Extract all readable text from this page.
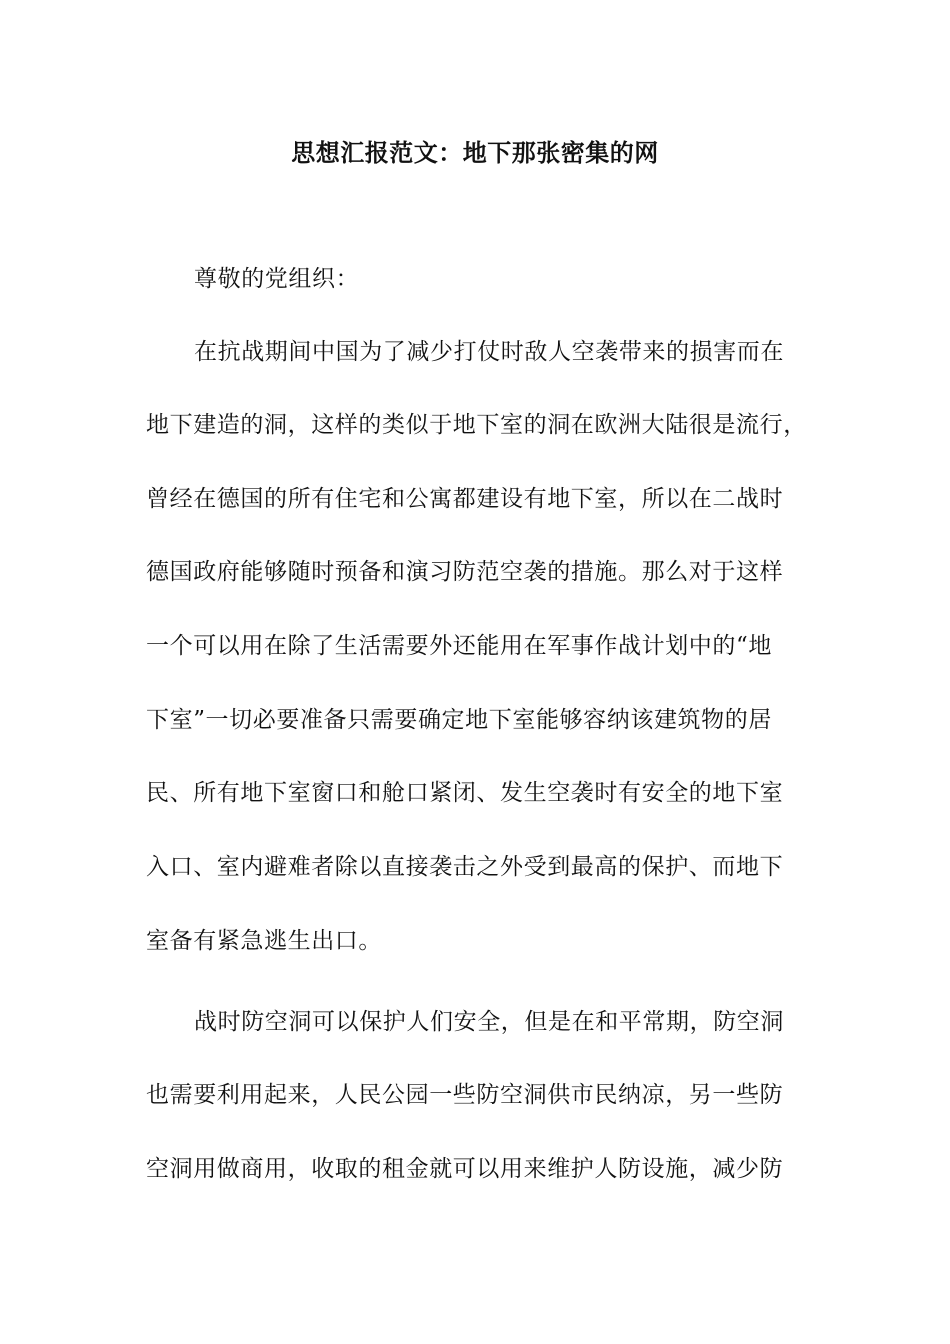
思想汇报范文：地下那张密集的网
尊敬的党组织：
在抗战期间中国为了减少打仗时敌人空袭带来的损害而在
地下建造的洞，这样的类似于地下室的洞在欧洲大陆很是流行，
曾经在德国的所有住宅和公寓都建设有地下室，所以在二战时
德国政府能够随时预备和演习防范空袭的措施。那么对于这样
一个可以用在除了生活需要外还能用在军事作战计划中的“地
下室”一切必要准备只需要确定地下室能够容纳该建筑物的居
民、所有地下室窗口和舱口紧闭、发生空袭时有安全的地下室
入口、室内避难者除以直接袭击之外受到最高的保护、而地下
室备有紧急逃生出口。
战时防空洞可以保护人们安全，但是在和平常期，防空洞
也需要利用起来，人民公园一些防空洞供市民纳凉，另一些防
空洞用做商用，收取的租金就可以用来维护人防设施，减少防
